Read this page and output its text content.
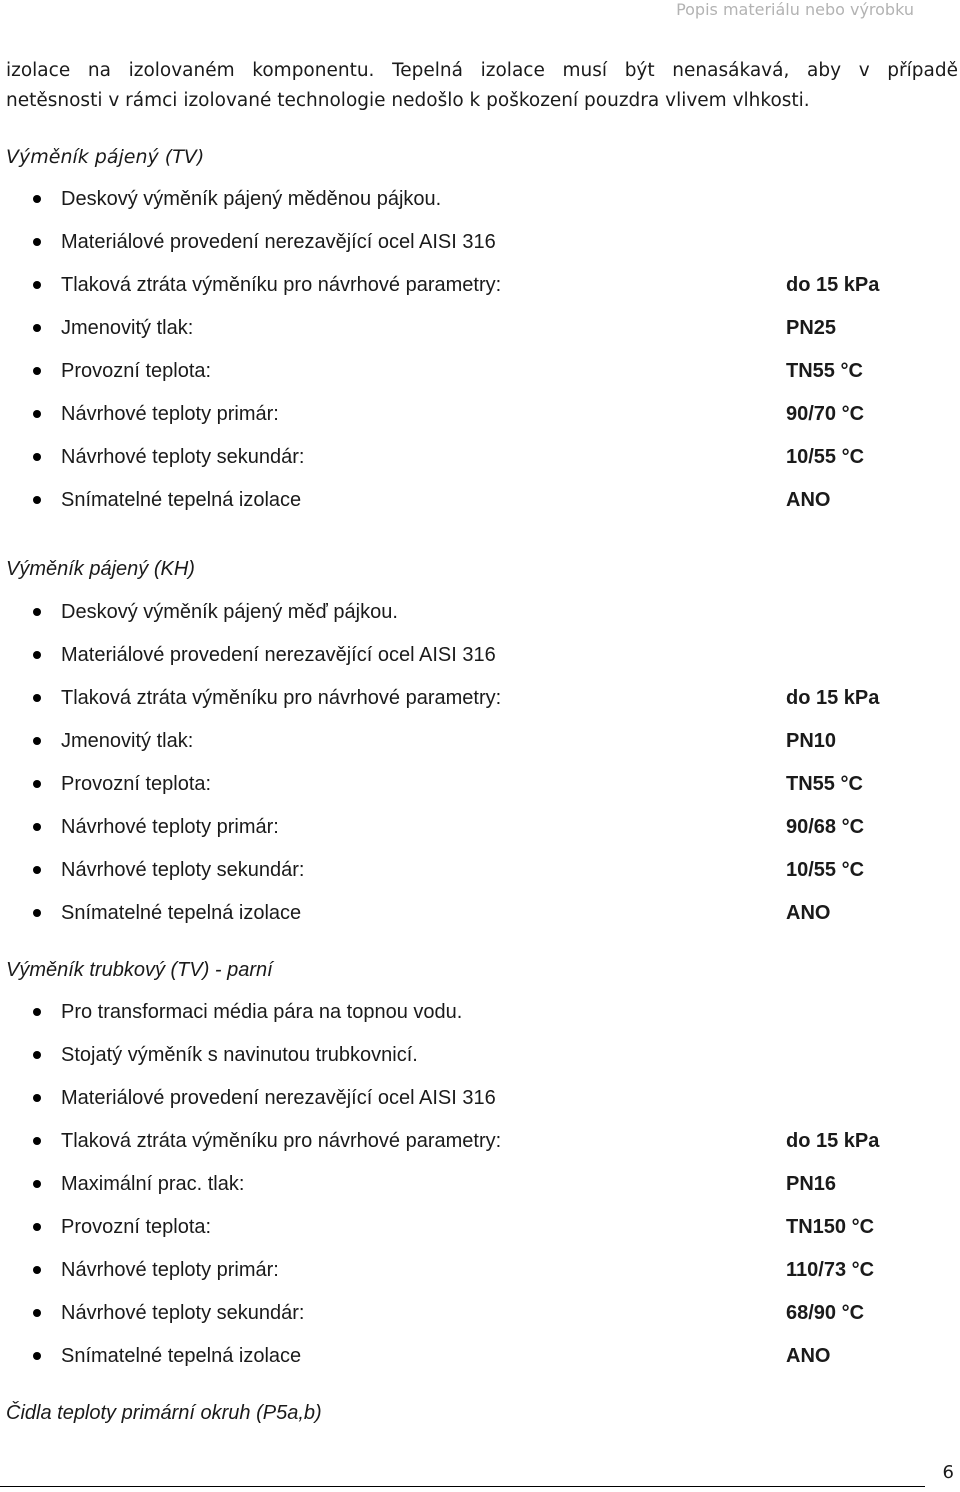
Popis materiálu nebo výrobku

izolace na izolovaném komponentu. Tepelná izolace musí být nenasákavá, aby v případě

netěsnosti v rámci izolované technologie nedošlo k poškození pouzdra vlivem vlhkosti.

Výměník pájený (TV)
Deskový výměník pájený měděnou pájkou.
Materiálové provedení nerezavějící ocel AISI 316
Tlaková ztráta výměníku pro návrhové parametry:	do 15 kPa
Jmenovitý tlak:	PN25
Provozní teplota:	TN55 °C
Návrhové teploty primár:	90/70 °C
Návrhové teploty sekundár:	10/55 °C
Snímatelné tepelná izolace	ANO
Výměník pájený (KH)
Deskový výměník pájený měď pájkou.
Materiálové provedení nerezavějící ocel AISI 316
Tlaková ztráta výměníku pro návrhové parametry:	do 15 kPa
Jmenovitý tlak:	PN10
Provozní teplota:	TN55 °C
Návrhové teploty primár:	90/68 °C
Návrhové teploty sekundár:	10/55 °C
Snímatelné tepelná izolace	ANO
Výměník trubkový (TV) - parní
Pro transformaci média pára na topnou vodu.
Stojatý výměník s navinutou trubkovnicí.
Materiálové provedení nerezavějící ocel AISI 316
Tlaková ztráta výměníku pro návrhové parametry:	do 15 kPa
Maximální prac. tlak:	PN16
Provozní teplota:	TN150 °C
Návrhové teploty primár:	110/73 °C
Návrhové teploty sekundár:	68/90 °C
Snímatelné tepelná izolace	ANO
Čidla teploty primární okruh (P5a,b)
6
